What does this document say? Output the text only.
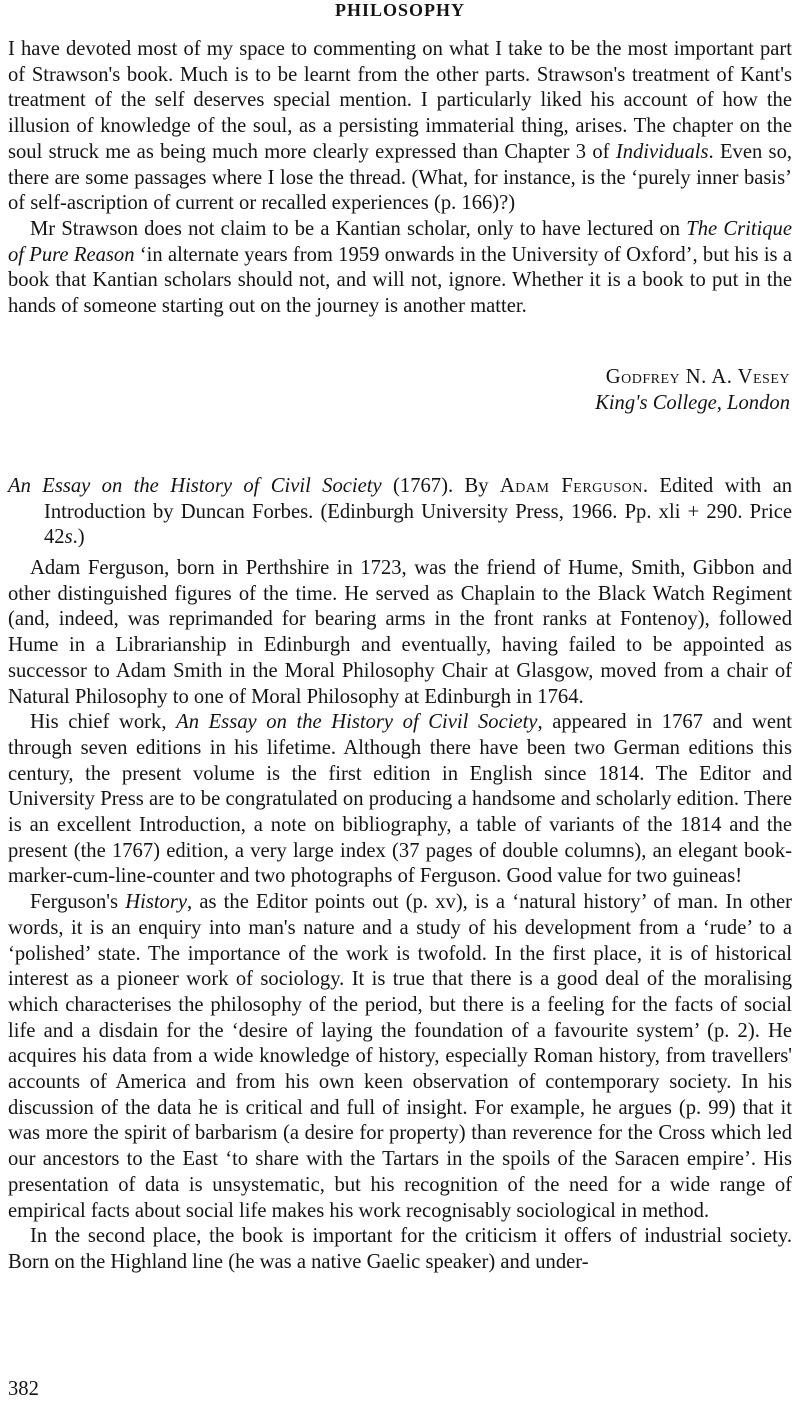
PHILOSOPHY

I have devoted most of my space to commenting on what I take to be the most important part of Strawson's book. Much is to be learnt from the other parts. Strawson's treatment of Kant's treatment of the self deserves special mention. I particularly liked his account of how the illusion of knowledge of the soul, as a persisting immaterial thing, arises. The chapter on the soul struck me as being much more clearly expressed than Chapter 3 of Individuals. Even so, there are some passages where I lose the thread. (What, for instance, is the ‘purely inner basis’ of self-ascription of current or recalled experiences (p. 166)?)

Mr Strawson does not claim to be a Kantian scholar, only to have lectured on The Critique of Pure Reason ‘in alternate years from 1959 onwards in the University of Oxford’, but his is a book that Kantian scholars should not, and will not, ignore. Whether it is a book to put in the hands of someone starting out on the journey is another matter.

Godfrey N. A. Vesey
King's College, London
An Essay on the History of Civil Society (1767). By Adam Ferguson. Edited with an Introduction by Duncan Forbes. (Edinburgh University Press, 1966. Pp. xli + 290. Price 42s.)

Adam Ferguson, born in Perthshire in 1723, was the friend of Hume, Smith, Gibbon and other distinguished figures of the time. He served as Chaplain to the Black Watch Regiment (and, indeed, was reprimanded for bearing arms in the front ranks at Fontenoy), followed Hume in a Librarianship in Edinburgh and eventually, having failed to be appointed as successor to Adam Smith in the Moral Philosophy Chair at Glasgow, moved from a chair of Natural Philosophy to one of Moral Philosophy at Edinburgh in 1764.

His chief work, An Essay on the History of Civil Society, appeared in 1767 and went through seven editions in his lifetime. Although there have been two German editions this century, the present volume is the first edition in English since 1814. The Editor and University Press are to be congratulated on producing a handsome and scholarly edition. There is an excellent Introduction, a note on bibliography, a table of variants of the 1814 and the present (the 1767) edition, a very large index (37 pages of double columns), an elegant book-marker-cum-line-counter and two photographs of Ferguson. Good value for two guineas!

Ferguson's History, as the Editor points out (p. xv), is a ‘natural history’ of man. In other words, it is an enquiry into man's nature and a study of his development from a ‘rude’ to a ‘polished’ state. The importance of the work is twofold. In the first place, it is of historical interest as a pioneer work of sociology. It is true that there is a good deal of the moralising which characterises the philosophy of the period, but there is a feeling for the facts of social life and a disdain for the ‘desire of laying the foundation of a favourite system’ (p. 2). He acquires his data from a wide knowledge of history, especially Roman history, from travellers' accounts of America and from his own keen observation of contemporary society. In his discussion of the data he is critical and full of insight. For example, he argues (p. 99) that it was more the spirit of barbarism (a desire for property) than reverence for the Cross which led our ancestors to the East ‘to share with the Tartars in the spoils of the Saracen empire’. His presentation of data is unsystematic, but his recognition of the need for a wide range of empirical facts about social life makes his work recognisably sociological in method.

In the second place, the book is important for the criticism it offers of industrial society. Born on the Highland line (he was a native Gaelic speaker) and under-

382
